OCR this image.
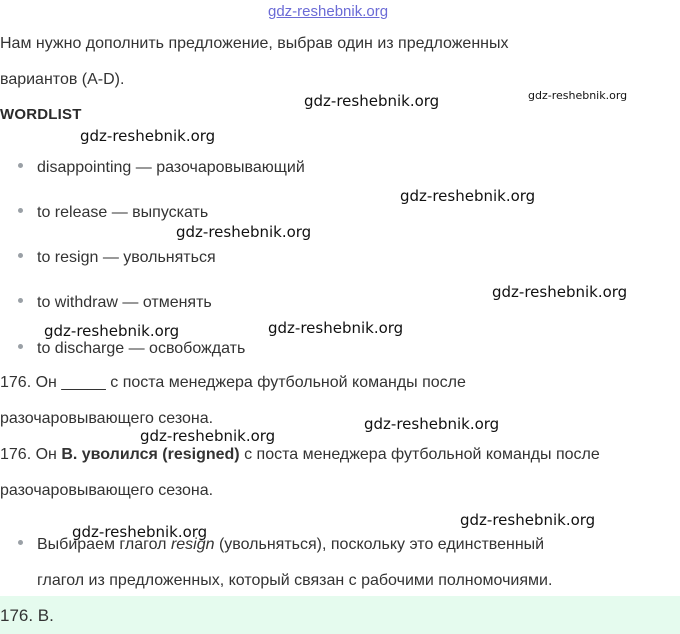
gdz-reshebnik.org
Нам нужно дополнить предложение, выбрав один из предложенных
вариантов (A-D).
WORDLIST
disappointing — разочаровывающий
to release — выпускать
to resign — увольняться
to withdraw — отменять
to discharge — освобождать
176. Он _____ с поста менеджера футбольной команды после
разочаровывающего сезона.
176. Он B. уволился (resigned) с поста менеджера футбольной команды после
разочаровывающего сезона.
Выбираем глагол resign (увольняться), поскольку это единственный
глагол из предложенных, который связан с рабочими полномочиями.
176. B.
gdz-reshebnik.org	gdz-reshebnik.org
gdz-reshebnik.org
gdz-reshebnik.org
gdz-reshebnik.org
gdz-reshebnik.org
gdz-reshebnik.org	gdz-reshebnik.org
gdz-reshebnik.org
gdz-reshebnik.org
gdz-reshebnik.org
gdz-reshebnik.org
